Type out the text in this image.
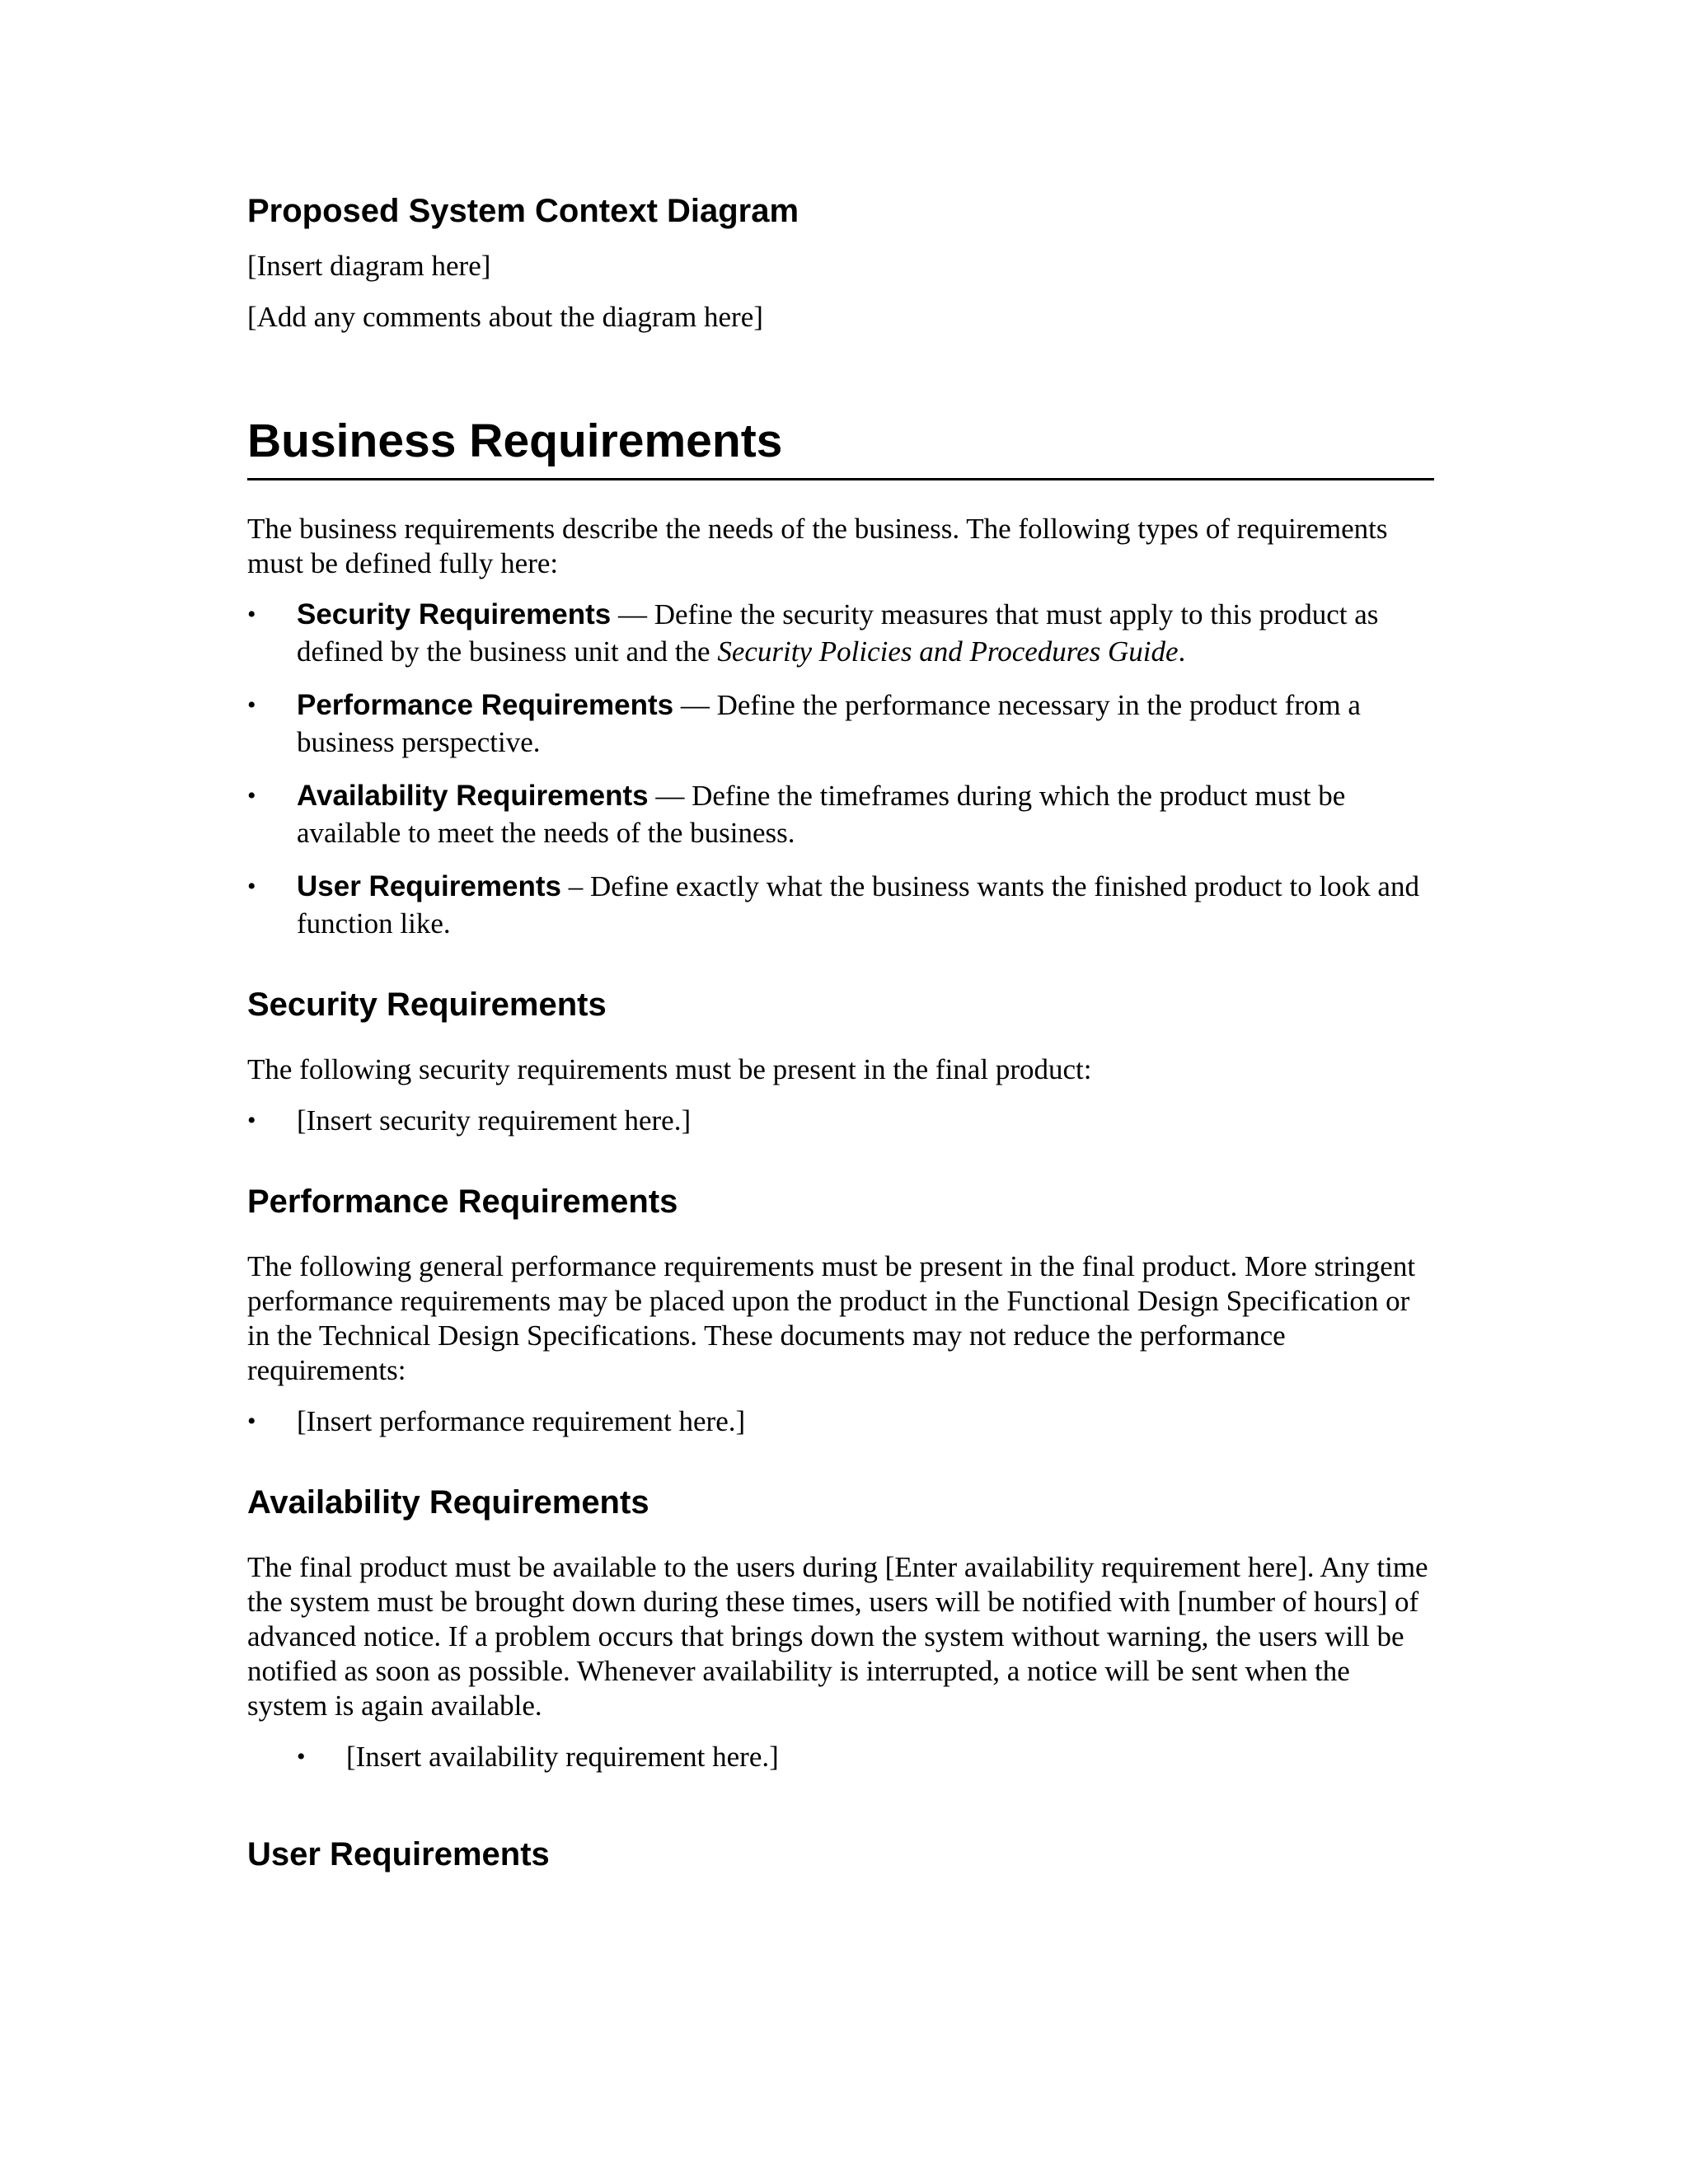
Proposed System Context Diagram

[Insert diagram here]

[Add any comments about the diagram here]

Business Requirements

The business requirements describe the needs of the business. The following types of requirements must be defined fully here:

•	Security Requirements — Define the security measures that must apply to this product as defined by the business unit and the Security Policies and Procedures Guide.
•	Performance Requirements — Define the performance necessary in the product from a business perspective.
•	Availability Requirements — Define the timeframes during which the product must be available to meet the needs of the business.
•	User Requirements – Define exactly what the business wants the finished product to look and function like.
Security Requirements

The following security requirements must be present in the final product:

•	[Insert security requirement here.]
Performance Requirements

The following general performance requirements must be present in the final product. More stringent performance requirements may be placed upon the product in the Functional Design Specification or in the Technical Design Specifications. These documents may not reduce the performance requirements:

•	[Insert performance requirement here.]
Availability Requirements

The final product must be available to the users during [Enter availability requirement here]. Any time the system must be brought down during these times, users will be notified with [number of hours] of advanced notice. If a problem occurs that brings down the system without warning, the users will be notified as soon as possible. Whenever availability is interrupted, a notice will be sent when the system is again available.

•	[Insert availability requirement here.]
User Requirements
